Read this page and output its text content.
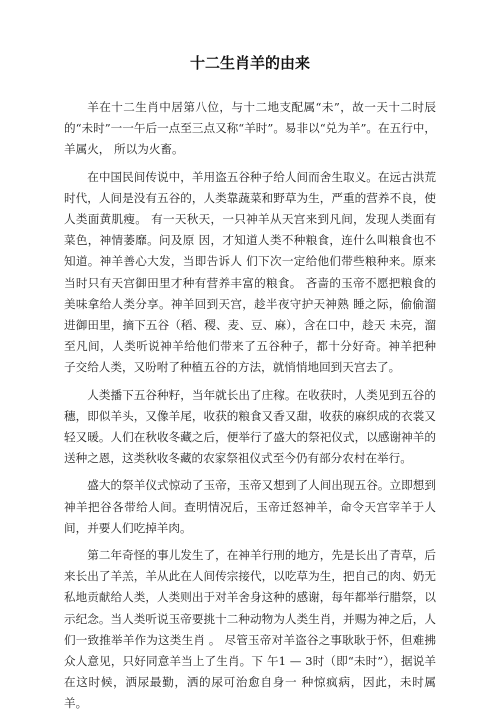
十二生肖羊的由来

羊在十二生肖中居第八位，与十二地支配属“未”，故一天十二时辰的“未时”一一午后一点至三点又称“羊时”。易非以“兑为羊”。在五行中，羊属火， 所以为火畜。

在中国民间传说中，羊用盗五谷种子给人间而舍生取义。在远古洪荒时代，人间是没有五谷的，人类靠蔬菜和野草为生，严重的营养不良，使人类面黄肌瘦。 有一天秋天，一只神羊从天宫来到凡间，发现人类面有菜色，神情萎靡。问及原 因，才知道人类不种粮食，连什么叫粮食也不知道。神羊善心大发，当即告诉人 们下次一定给他们带些粮种来。原来当时只有天宫御田里才种有营养丰富的粮食。 吝啬的玉帝不愿把粮食的美味拿给人类分享。神羊回到天宫，趁半夜守护天神熟 睡之际，偷偷溜进御田里，摘下五谷（稻、稷、麦、豆、麻），含在口中，趁天 未亮，溜至凡间，人类听说神羊给他们带来了五谷种子，都十分好奇。神羊把种 子交给人类，又吩咐了种植五谷的方法，就悄悄地回到天宫去了。

人类播下五谷种籽，当年就长出了庄稼。在收获时，人类见到五谷的穗，即似羊头，又像羊尾，收获的粮食又香又甜，收获的麻织成的衣裳又轻又暖。人们在秋收冬藏之后，便举行了盛大的祭祀仪式，以感谢神羊的送种之恩，这类秋收冬藏的农家祭祖仪式至今仍有部分农村在举行。

盛大的祭羊仪式惊动了玉帝，玉帝又想到了人间出现五谷。立即想到神羊把谷各带给人间。查明情况后，玉帝迁怒神羊，命令天宫宰羊于人间，并要人们吃掉羊肉。

第二年奇怪的事儿发生了，在神羊行刑的地方，先是长出了青草，后来长出了羊羔，羊从此在人间传宗接代，以吃草为生，把自己的肉、奶无私地贡献给人类，人类则出于对羊舍身这种的感谢，每年都举行腊祭，以示纪念。当人类听说玉帝要挑十二种动物为人类生肖，并赐为神之后，人们一致推举羊作为这类生肖 。 尽管玉帝对羊盗谷之事耿耿于怀，但难拂众人意见，只好同意羊当上了生肖。下 午1 — 3时（即“未时”），据说羊在这时候，洒尿最勤，洒的尿可治愈自身一 种惊疯病，因此，未时属羊。
